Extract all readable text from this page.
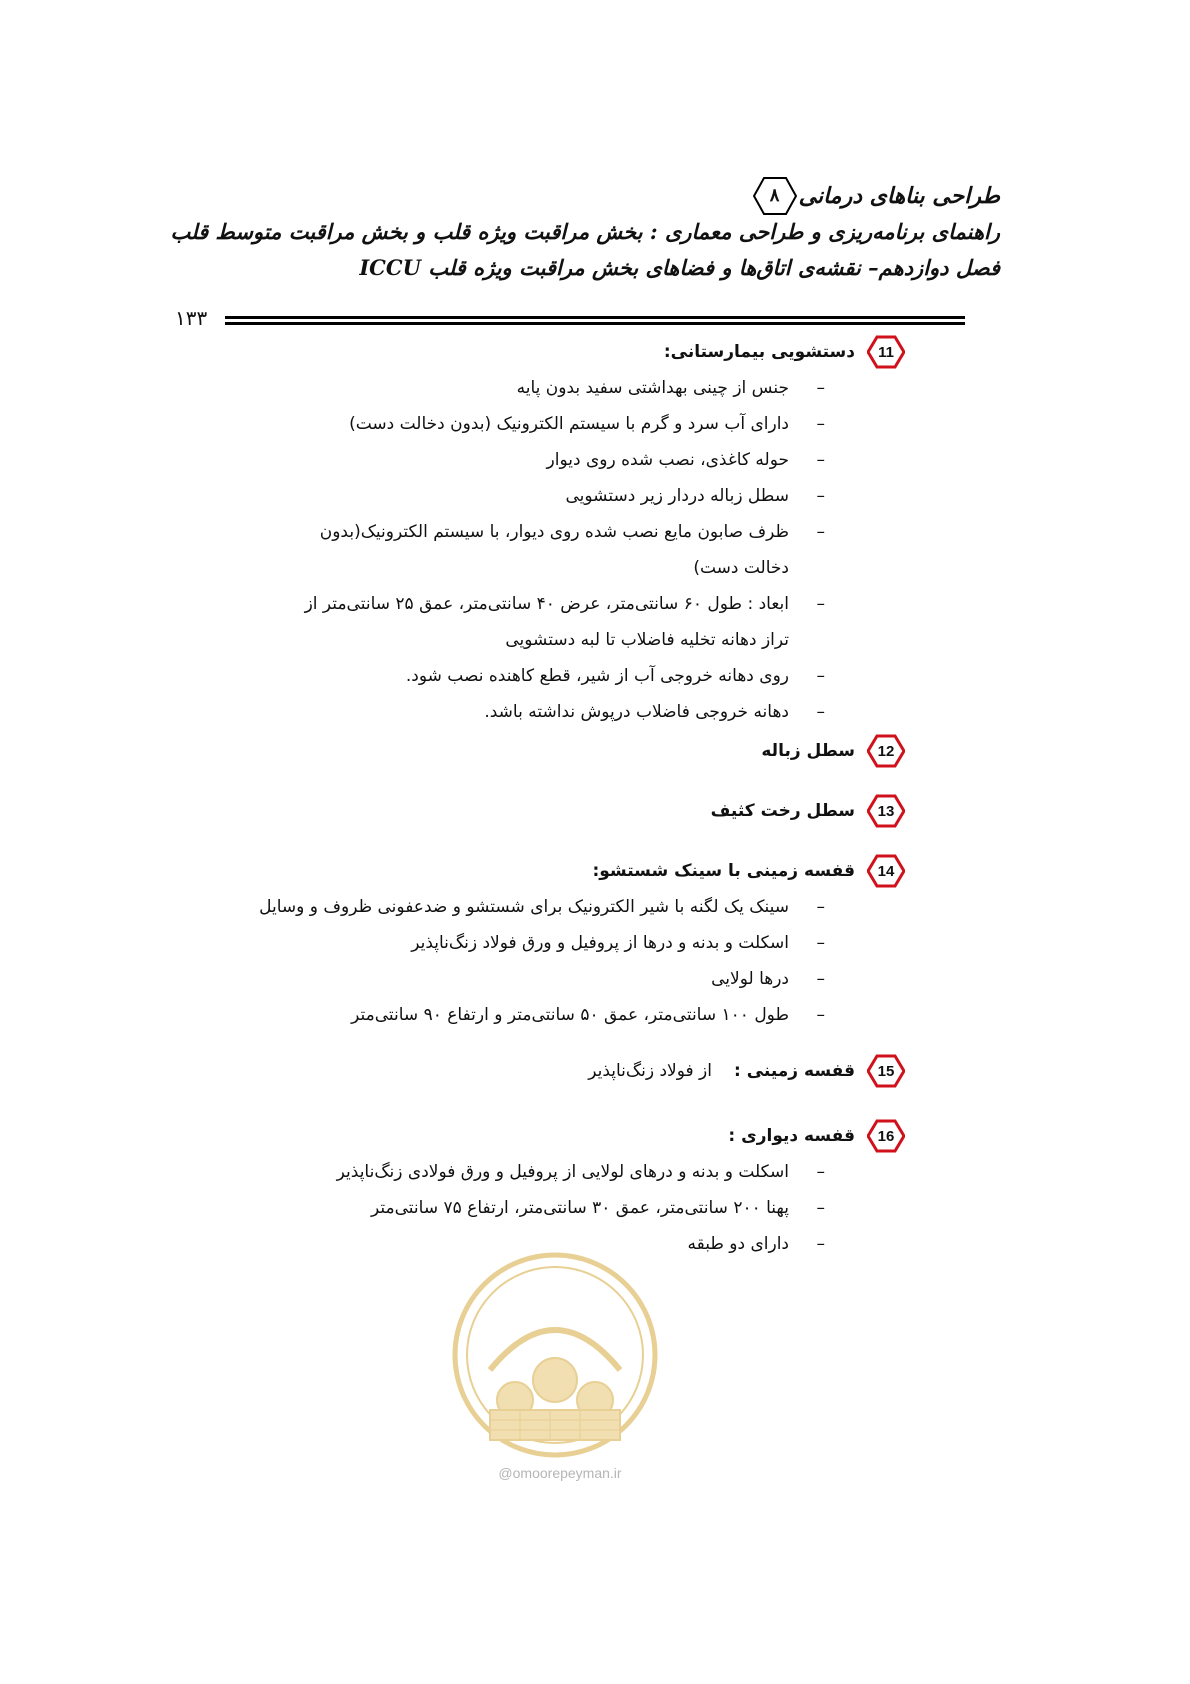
طراحی بناهای درمانی
۸
راهنمای برنامه‌ریزی و طراحی معماری : بخش مراقبت ویژه قلب و بخش مراقبت متوسط قلب
فصل دوازدهم– نقشه‌ی اتاق‌ها و فضاهای بخش مراقبت ویژه قلب ICCU
۱۳۳
11
دستشویی بیمارستانی:
–
جنس از چینی بهداشتی سفید بدون پایه
–
دارای آب سرد و گرم با سیستم الکترونیک (بدون دخالت دست)
–
حوله کاغذی، نصب شده روی دیوار
–
سطل زباله دردار زیر دستشویی
–
ظرف صابون مایع نصب شده روی دیوار، با سیستم الکترونیک(بدون دخالت دست)
–
ابعاد : طول ۶۰ سانتی‌متر، عرض ۴۰ سانتی‌متر، عمق ۲۵ سانتی‌متر از تراز دهانه تخلیه فاضلاب تا لبه دستشویی
–
روی دهانه خروجی آب از شیر، قطع کاهنده نصب شود.
–
دهانه خروجی فاضلاب درپوش نداشته باشد.
12
سطل زباله
13
سطل رخت کثیف
14
قفسه زمینی با سینک شستشو:
–
سینک یک لگنه با شیر الکترونیک برای شستشو و ضدعفونی ظروف و وسایل
–
اسکلت و بدنه و درها از پروفیل و ورق فولاد زنگ‌ناپذیر
–
درها لولایی
–
طول ۱۰۰ سانتی‌متر، عمق ۵۰ سانتی‌متر و ارتفاع ۹۰ سانتی‌متر
15
قفسه زمینی :
از فولاد زنگ‌ناپذیر
16
قفسه دیواری :
–
اسکلت و بدنه و درهای لولایی از پروفیل و ورق فولادی زنگ‌ناپذیر
–
پهنا ۲۰۰ سانتی‌متر، عمق ۳۰ سانتی‌متر، ارتفاع ۷۵ سانتی‌متر
–
دارای دو طبقه
@omoorepeyman.ir
